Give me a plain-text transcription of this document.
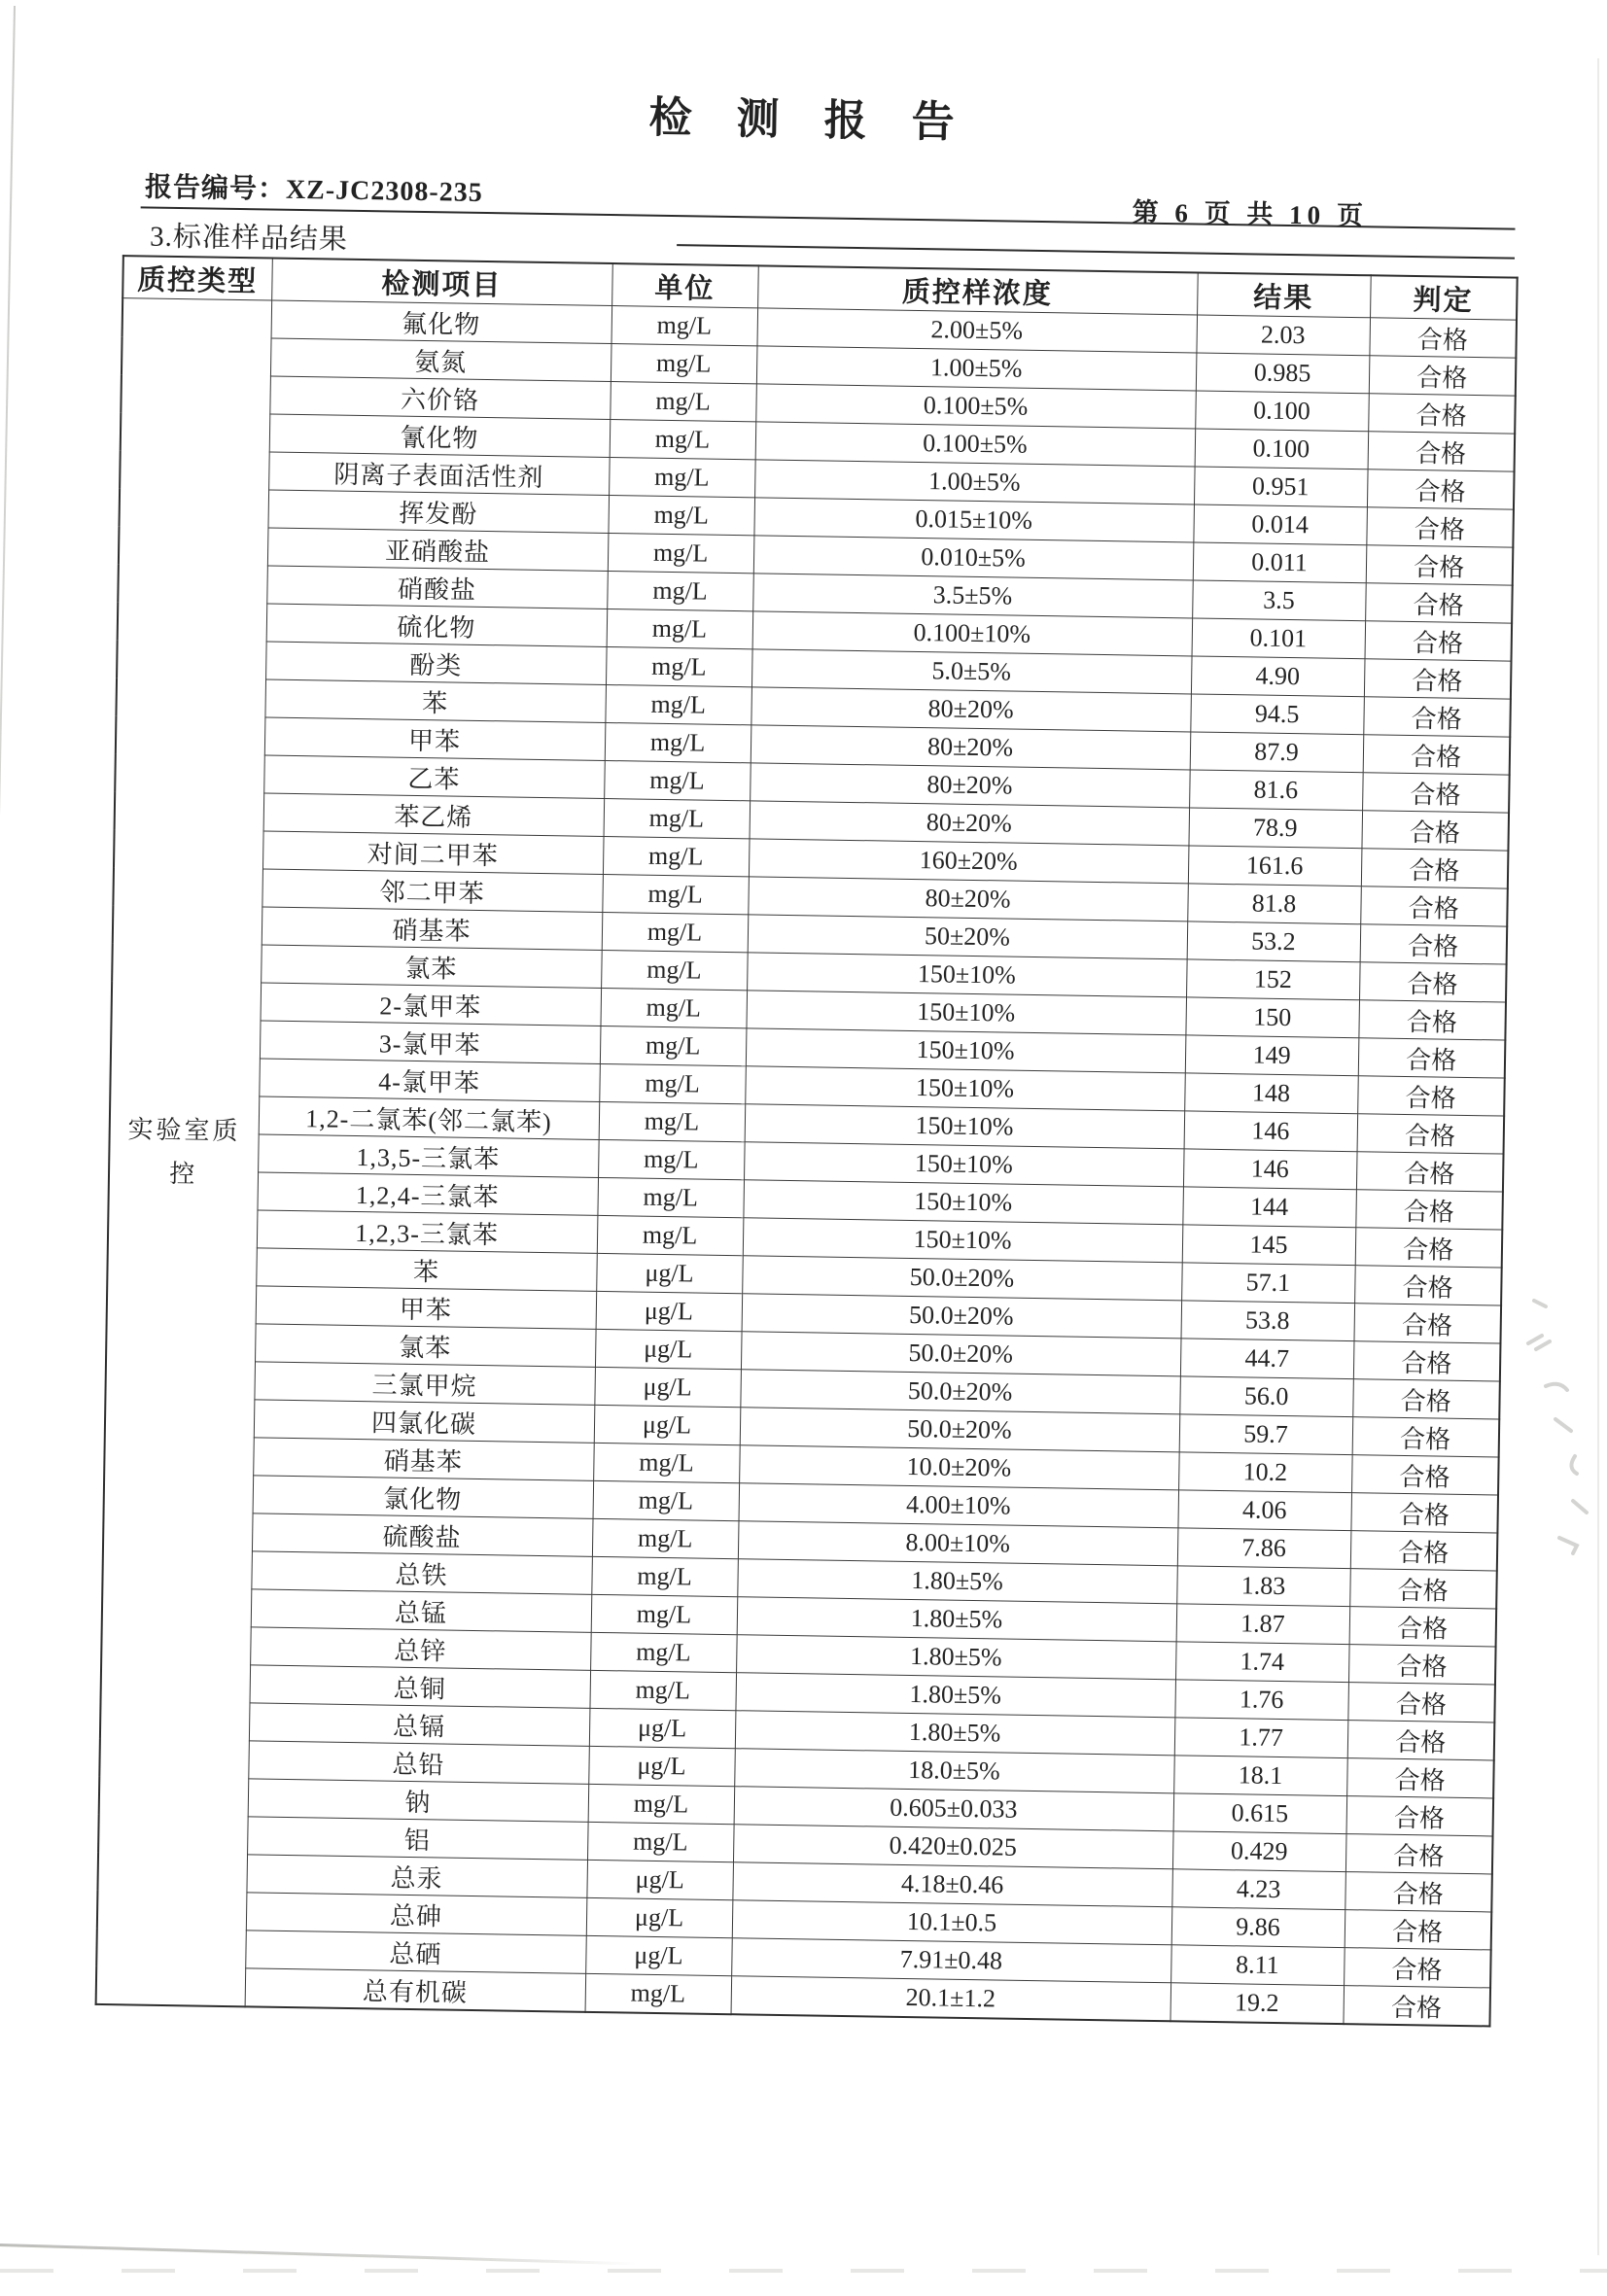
检测报告
报告编号：XZ-JC2308-235
第 6 页 共 10 页
3.标准样品结果
质控类型	检测项目	单位	质控样浓度	结果	判定

实验室质控	氟化物	mg/L	2.00±5%	2.03	合格
	氨氮	mg/L	1.00±5%	0.985	合格
	六价铬	mg/L	0.100±5%	0.100	合格
	氰化物	mg/L	0.100±5%	0.100	合格
	阴离子表面活性剂	mg/L	1.00±5%	0.951	合格
	挥发酚	mg/L	0.015±10%	0.014	合格
	亚硝酸盐	mg/L	0.010±5%	0.011	合格
	硝酸盐	mg/L	3.5±5%	3.5	合格
	硫化物	mg/L	0.100±10%	0.101	合格
	酚类	mg/L	5.0±5%	4.90	合格
	苯	mg/L	80±20%	94.5	合格
	甲苯	mg/L	80±20%	87.9	合格
	乙苯	mg/L	80±20%	81.6	合格
	苯乙烯	mg/L	80±20%	78.9	合格
	对间二甲苯	mg/L	160±20%	161.6	合格
	邻二甲苯	mg/L	80±20%	81.8	合格
	硝基苯	mg/L	50±20%	53.2	合格
	氯苯	mg/L	150±10%	152	合格
	2-氯甲苯	mg/L	150±10%	150	合格
	3-氯甲苯	mg/L	150±10%	149	合格
	4-氯甲苯	mg/L	150±10%	148	合格
	1,2-二氯苯(邻二氯苯)	mg/L	150±10%	146	合格
	1,3,5-三氯苯	mg/L	150±10%	146	合格
	1,2,4-三氯苯	mg/L	150±10%	144	合格
	1,2,3-三氯苯	mg/L	150±10%	145	合格
	苯	μg/L	50.0±20%	57.1	合格
	甲苯	μg/L	50.0±20%	53.8	合格
	氯苯	μg/L	50.0±20%	44.7	合格
	三氯甲烷	μg/L	50.0±20%	56.0	合格
	四氯化碳	μg/L	50.0±20%	59.7	合格
	硝基苯	mg/L	10.0±20%	10.2	合格
	氯化物	mg/L	4.00±10%	4.06	合格
	硫酸盐	mg/L	8.00±10%	7.86	合格
	总铁	mg/L	1.80±5%	1.83	合格
	总锰	mg/L	1.80±5%	1.87	合格
	总锌	mg/L	1.80±5%	1.74	合格
	总铜	mg/L	1.80±5%	1.76	合格
	总镉	μg/L	1.80±5%	1.77	合格
	总铅	μg/L	18.0±5%	18.1	合格
	钠	mg/L	0.605±0.033	0.615	合格
	铝	mg/L	0.420±0.025	0.429	合格
	总汞	μg/L	4.18±0.46	4.23	合格
	总砷	μg/L	10.1±0.5	9.86	合格
	总硒	μg/L	7.91±0.48	8.11	合格
	总有机碳	mg/L	20.1±1.2	19.2	合格
